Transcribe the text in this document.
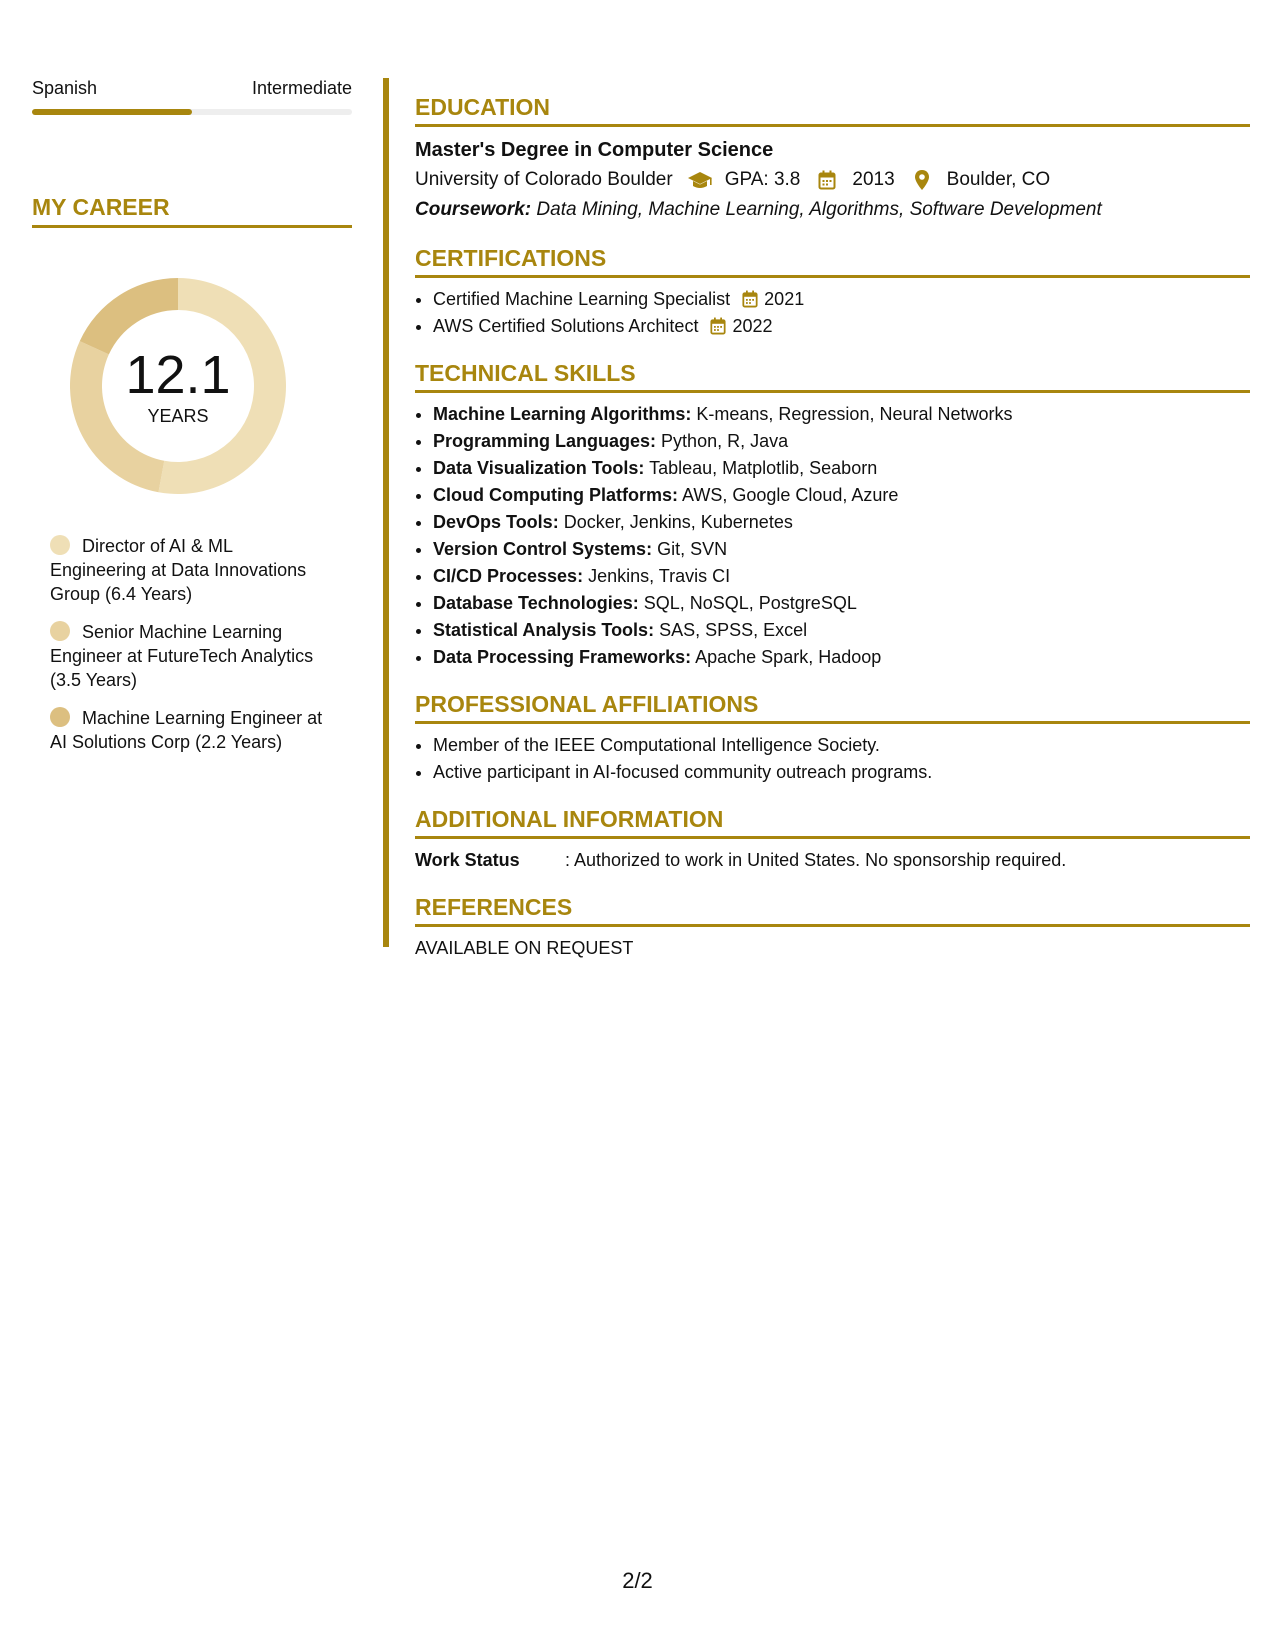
Spanish	Intermediate
MY CAREER
12.1
YEARS
Director of AI & ML Engineering at Data Innovations Group (6.4 Years)
Senior Machine Learning Engineer at FutureTech Analytics (3.5 Years)
Machine Learning Engineer at AI Solutions Corp (2.2 Years)
EDUCATION
Master's Degree in Computer Science
University of Colorado Boulder	GPA: 3.8	2013	Boulder, CO
Coursework: Data Mining, Machine Learning, Algorithms, Software Development
CERTIFICATIONS
• Certified Machine Learning Specialist 2021
• AWS Certified Solutions Architect 2022
TECHNICAL SKILLS
• Machine Learning Algorithms: K-means, Regression, Neural Networks
• Programming Languages: Python, R, Java
• Data Visualization Tools: Tableau, Matplotlib, Seaborn
• Cloud Computing Platforms: AWS, Google Cloud, Azure
• DevOps Tools: Docker, Jenkins, Kubernetes
• Version Control Systems: Git, SVN
• CI/CD Processes: Jenkins, Travis CI
• Database Technologies: SQL, NoSQL, PostgreSQL
• Statistical Analysis Tools: SAS, SPSS, Excel
• Data Processing Frameworks: Apache Spark, Hadoop
PROFESSIONAL AFFILIATIONS
• Member of the IEEE Computational Intelligence Society.
• Active participant in AI-focused community outreach programs.
ADDITIONAL INFORMATION
Work Status	: Authorized to work in United States. No sponsorship required.
REFERENCES
AVAILABLE ON REQUEST
2/2
